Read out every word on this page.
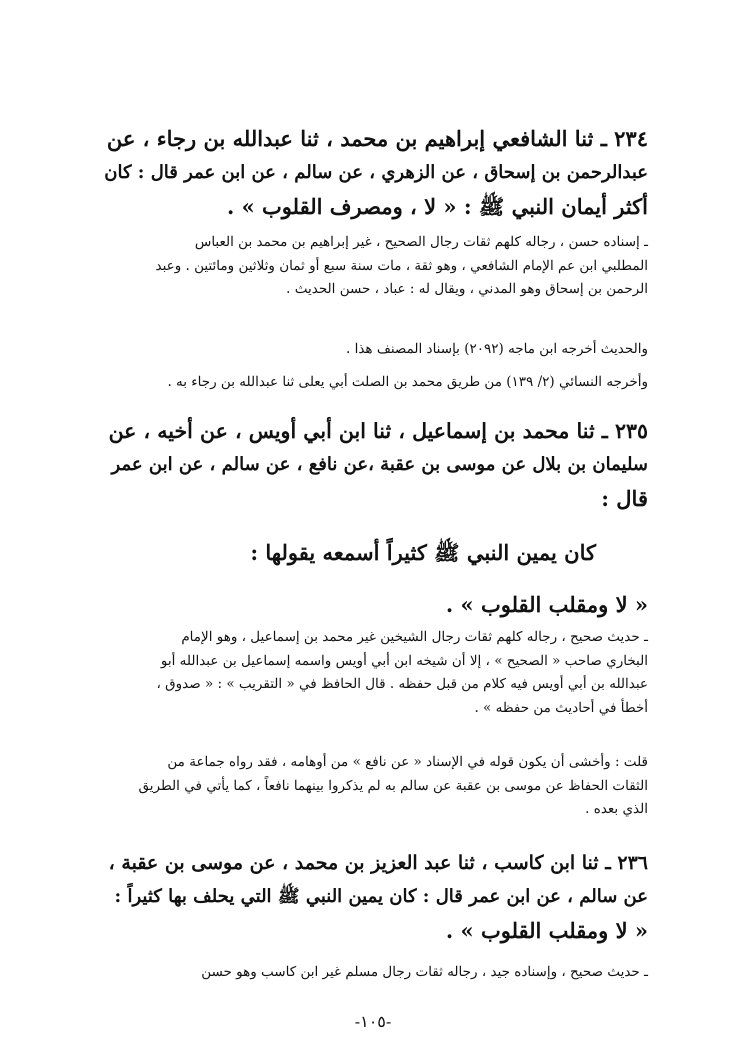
٢٣٤ ـ ثنا الشافعي إبراهيم بن محمد ، ثنا عبدالله بن رجاء ، عن
عبدالرحمن بن إسحاق ، عن الزهري ، عن سالم ، عن ابن عمر قال : كان
أكثر أيمان النبي ﷺ : « لا ، ومصرف القلوب » .
ـ إسناده حسن ، رجاله كلهم ثقات رجال الصحيح ، غير إبراهيم بن محمد بن العباس
المطلبي ابن عم الإمام الشافعي ، وهو ثقة ، مات سنة سبع أو ثمان وثلاثين ومائتين . وعبد
الرحمن بن إسحاق وهو المدني ، ويقال له : عباد ، حسن الحديث .
والحديث أخرجه ابن ماجه (٢٠٩٢) بإسناد المصنف هذا .
وأخرجه النسائي (٢/ ١٣٩) من طريق محمد بن الصلت أبي يعلى ثنا عبدالله بن رجاء به .
٢٣٥ ـ ثنا محمد بن إسماعيل ، ثنا ابن أبي أويس ، عن أخيه ، عن
سليمان بن بلال عن موسى بن عقبة ،عن نافع ، عن سالم ، عن ابن عمر
قال :
كان يمين النبي ﷺ كثيراً أسمعه يقولها :
« لا ومقلب القلوب » .
ـ حديث صحيح ، رجاله كلهم ثقات رجال الشيخين غير محمد بن إسماعيل ، وهو الإمام
البخاري صاحب « الصحيح » ، إلا أن شيخه ابن أبي أويس واسمه إسماعيل بن عبدالله أبو
عبدالله بن أبي أويس فيه كلام من قبل حفظه . قال الحافظ في « التقريب » : « صدوق ،
أخطأ في أحاديث من حفظه » .
قلت : وأخشى أن يكون قوله في الإسناد « عن نافع » من أوهامه ، فقد رواه جماعة من
الثقات الحفاظ عن موسى بن عقبة عن سالم به لم يذكروا بينهما نافعاً ، كما يأتي في الطريق
الذي بعده .
٢٣٦ ـ ثنا ابن كاسب ، ثنا عبد العزيز بن محمد ، عن موسى بن عقبة ،
عن سالم ، عن ابن عمر قال : كان يمين النبي ﷺ التي يحلف بها كثيراً :
« لا ومقلب القلوب » .
ـ حديث صحيح ، وإسناده جيد ، رجاله ثقات رجال مسلم غير ابن كاسب وهو حسن
-١٠٥-
